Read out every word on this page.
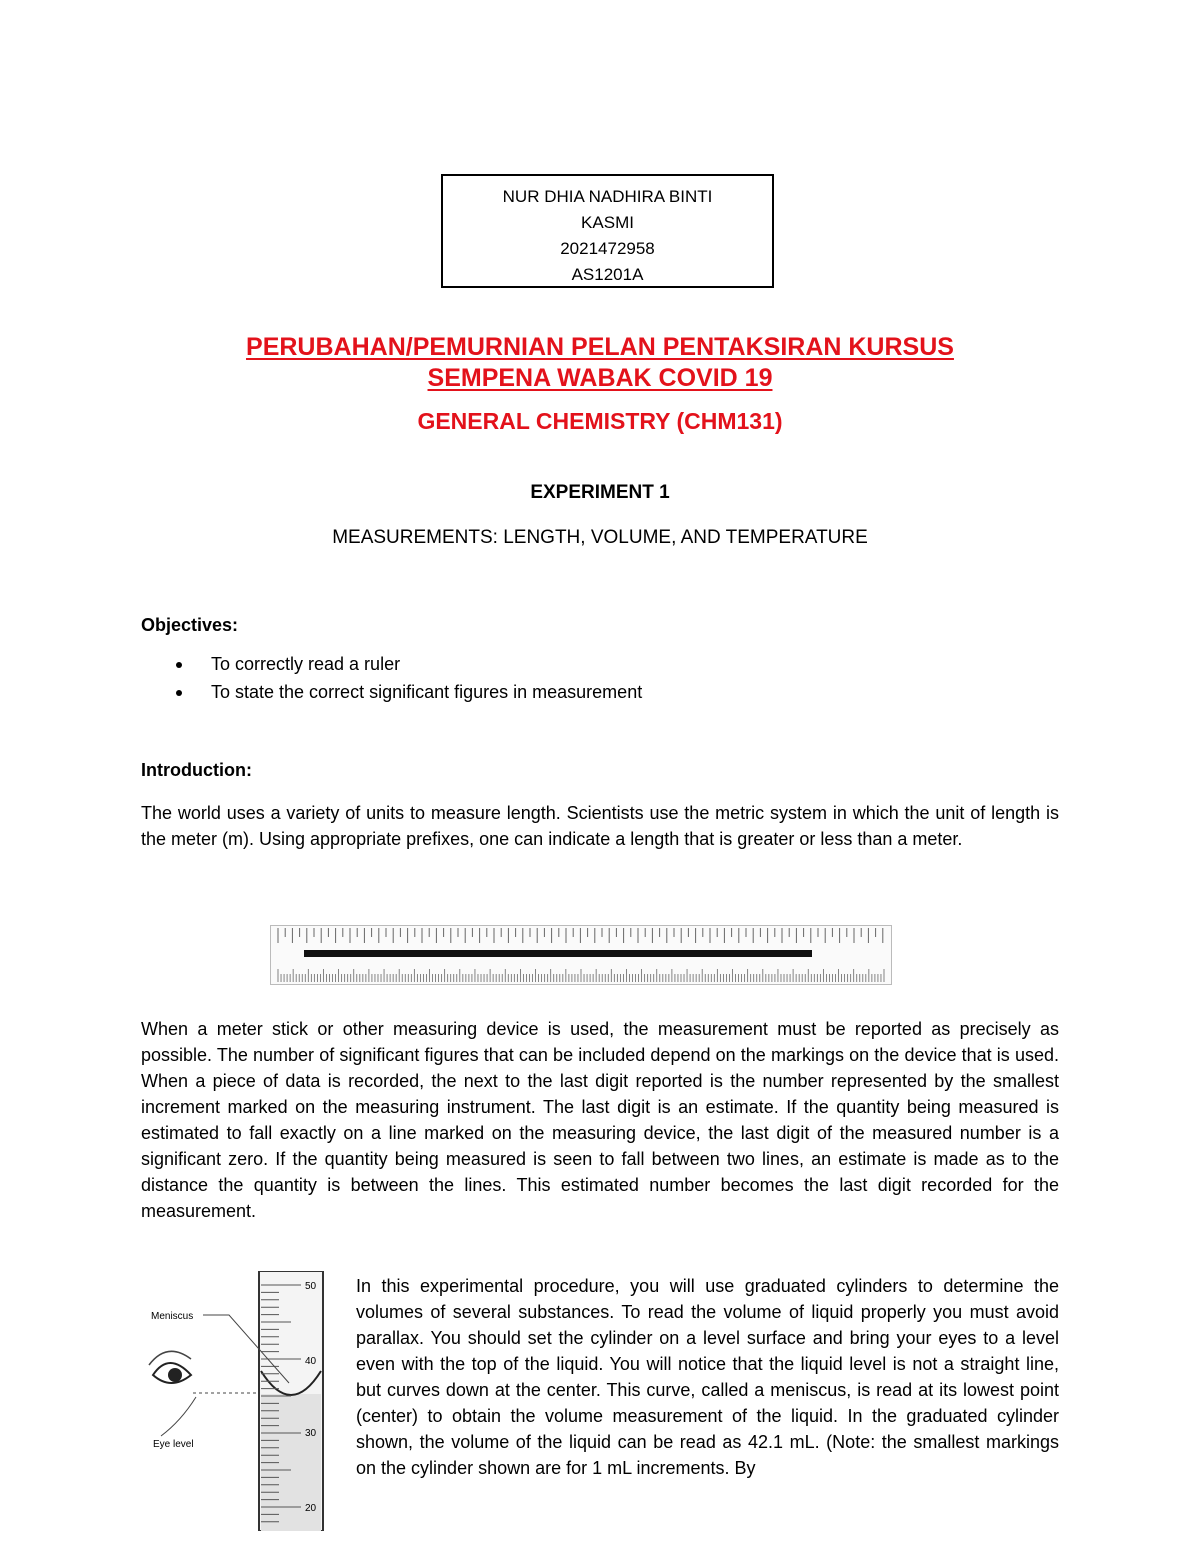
NUR DHIA NADHIRA BINTI
KASMI
2021472958
AS1201A
PERUBAHAN/PEMURNIAN PELAN PENTAKSIRAN KURSUS
SEMPENA WABAK COVID 19
GENERAL CHEMISTRY (CHM131)
EXPERIMENT 1
MEASUREMENTS: LENGTH, VOLUME, AND TEMPERATURE
Objectives:
To correctly read a ruler
To state the correct significant figures in measurement
Introduction:
The world uses a variety of units to measure length. Scientists use the metric system in which the unit of length is the meter (m). Using appropriate prefixes, one can indicate a length that is greater or less than a meter.
When a meter stick or other measuring device is used, the measurement must be reported as precisely as possible. The number of significant figures that can be included depend on the markings on the device that is used. When a piece of data is recorded, the next to the last digit reported is the number represented by the smallest increment marked on the measuring instrument. The last digit is an estimate. If the quantity being measured is estimated to fall exactly on a line marked on the measuring device, the last digit of the measured number is a significant zero. If the quantity being measured is seen to fall between two lines, an estimate is made as to the distance the quantity is between the lines. This estimated number becomes the last digit recorded for the measurement.
50
40
30
20
Meniscus
Eye level
In this experimental procedure, you will use graduated cylinders to determine the volumes of several substances. To read the volume of liquid properly you must avoid parallax. You should set the cylinder on a level surface and bring your eyes to a level even with the top of the liquid. You will notice that the liquid level is not a straight line, but curves down at the center. This curve, called a meniscus, is read at its lowest point (center) to obtain the volume measurement of the liquid. In the graduated cylinder shown, the volume of the liquid can be read as 42.1 mL. (Note: the smallest markings on the cylinder shown are for 1 mL increments. By
